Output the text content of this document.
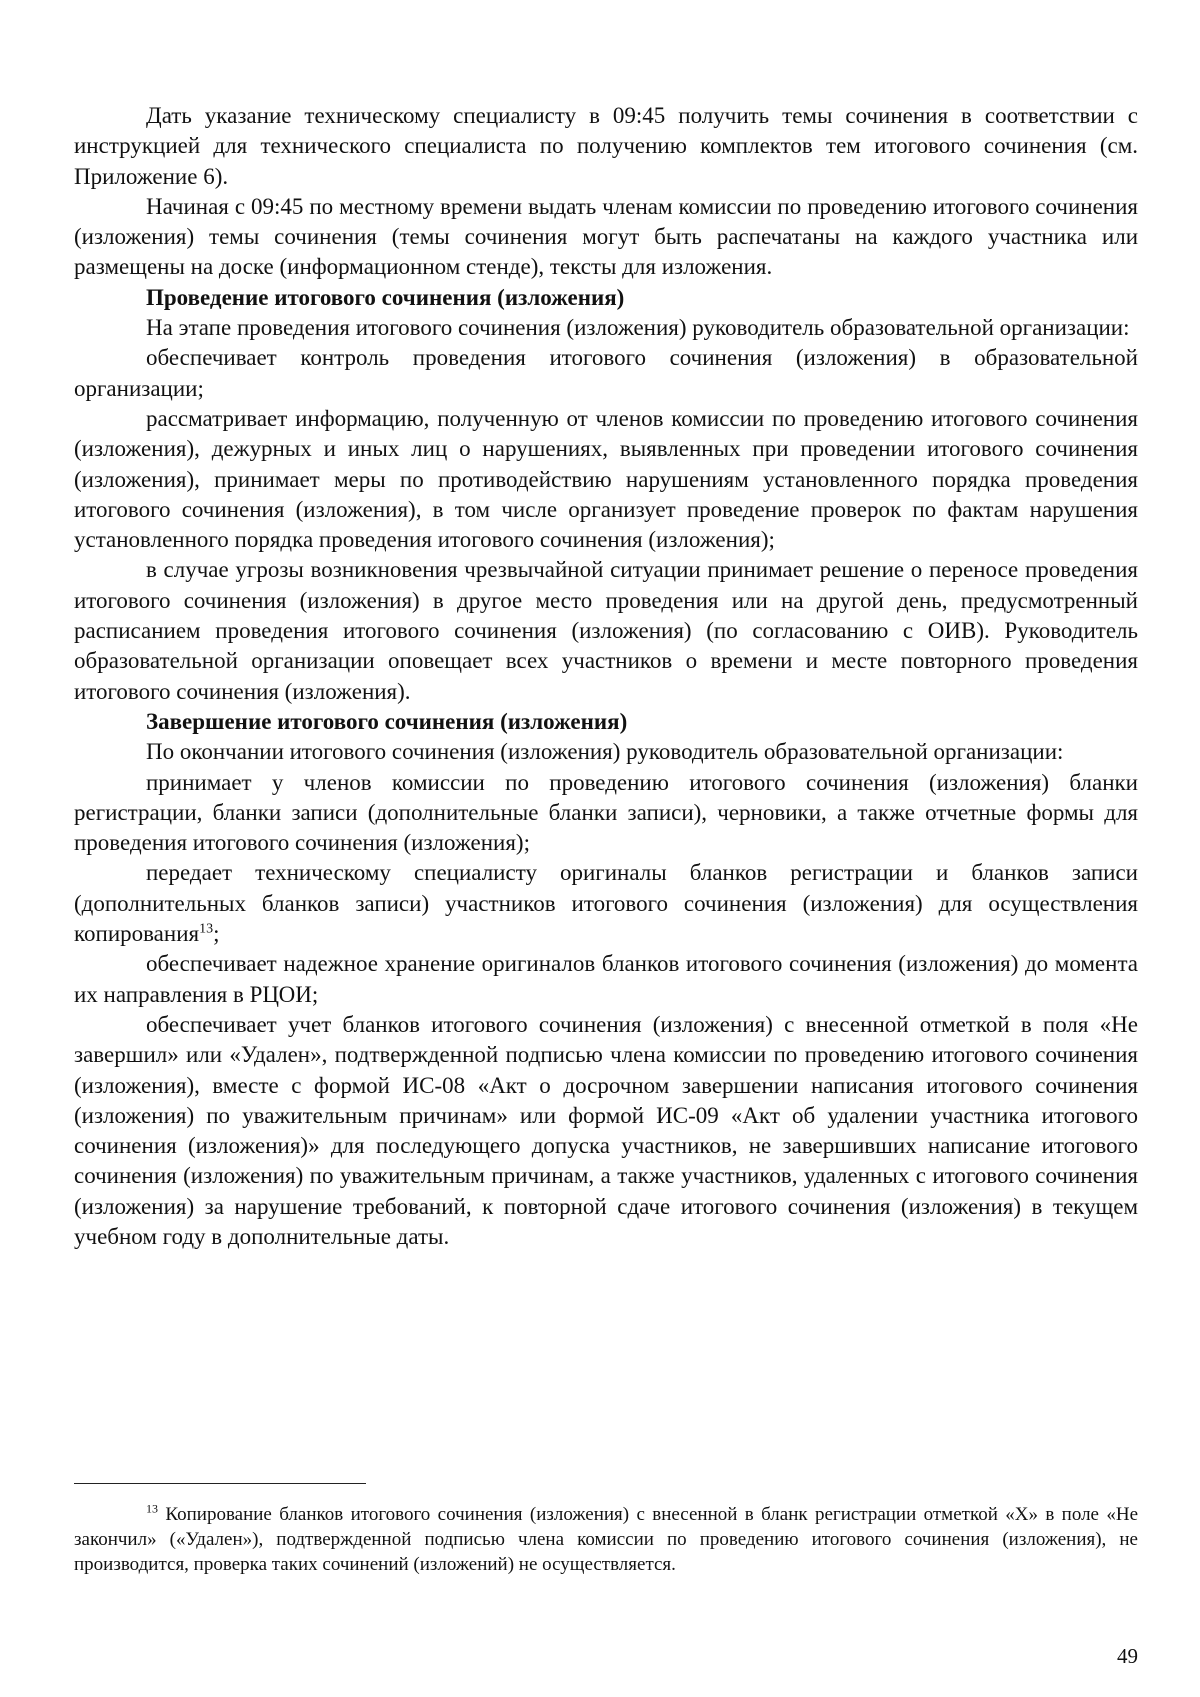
Дать указание техническому специалисту в 09:45 получить темы сочинения в соответствии с инструкцией для технического специалиста по получению комплектов тем итогового сочинения (см. Приложение 6).

Начиная с 09:45 по местному времени выдать членам комиссии по проведению итогового сочинения (изложения) темы сочинения (темы сочинения могут быть распечатаны на каждого участника или размещены на доске (информационном стенде), тексты для изложения.

Проведение итогового сочинения (изложения)

На этапе проведения итогового сочинения (изложения) руководитель образовательной организации:

обеспечивает контроль проведения итогового сочинения (изложения) в образовательной организации;

рассматривает информацию, полученную от членов комиссии по проведению итогового сочинения (изложения), дежурных и иных лиц о нарушениях, выявленных при проведении итогового сочинения (изложения), принимает меры по противодействию нарушениям установленного порядка проведения итогового сочинения (изложения), в том числе организует проведение проверок по фактам нарушения установленного порядка проведения итогового сочинения (изложения);

в случае угрозы возникновения чрезвычайной ситуации принимает решение о переносе проведения итогового сочинения (изложения) в другое место проведения или на другой день, предусмотренный расписанием проведения итогового сочинения (изложения) (по согласованию с ОИВ). Руководитель образовательной организации оповещает всех участников о времени и месте повторного проведения итогового сочинения (изложения).

Завершение итогового сочинения (изложения)

По окончании итогового сочинения (изложения) руководитель образовательной организации:

принимает у членов комиссии по проведению итогового сочинения (изложения) бланки регистрации, бланки записи (дополнительные бланки записи), черновики, а также отчетные формы для проведения итогового сочинения (изложения);

передает техническому специалисту оригиналы бланков регистрации и бланков записи (дополнительных бланков записи) участников итогового сочинения (изложения) для осуществления копирования$^{13}$;

обеспечивает надежное хранение оригиналов бланков итогового сочинения (изложения) до момента их направления в РЦОИ;

обеспечивает учет бланков итогового сочинения (изложения) с внесенной отметкой в поля «Не завершил» или «Удален», подтвержденной подписью члена комиссии по проведению итогового сочинения (изложения), вместе с формой ИС-08 «Акт о досрочном завершении написания итогового сочинения (изложения) по уважительным причинам» или формой ИС-09 «Акт об удалении участника итогового сочинения (изложения)» для последующего допуска участников, не завершивших написание итогового сочинения (изложения) по уважительным причинам, а также участников, удаленных с итогового сочинения (изложения) за нарушение требований, к повторной сдаче итогового сочинения (изложения) в текущем учебном году в дополнительные даты.

$^{13}$ Копирование бланков итогового сочинения (изложения) с внесенной в бланк регистрации отметкой «Х» в поле «Не закончил» («Удален»), подтвержденной подписью члена комиссии по проведению итогового сочинения (изложения), не производится, проверка таких сочинений (изложений) не осуществляется.

49
